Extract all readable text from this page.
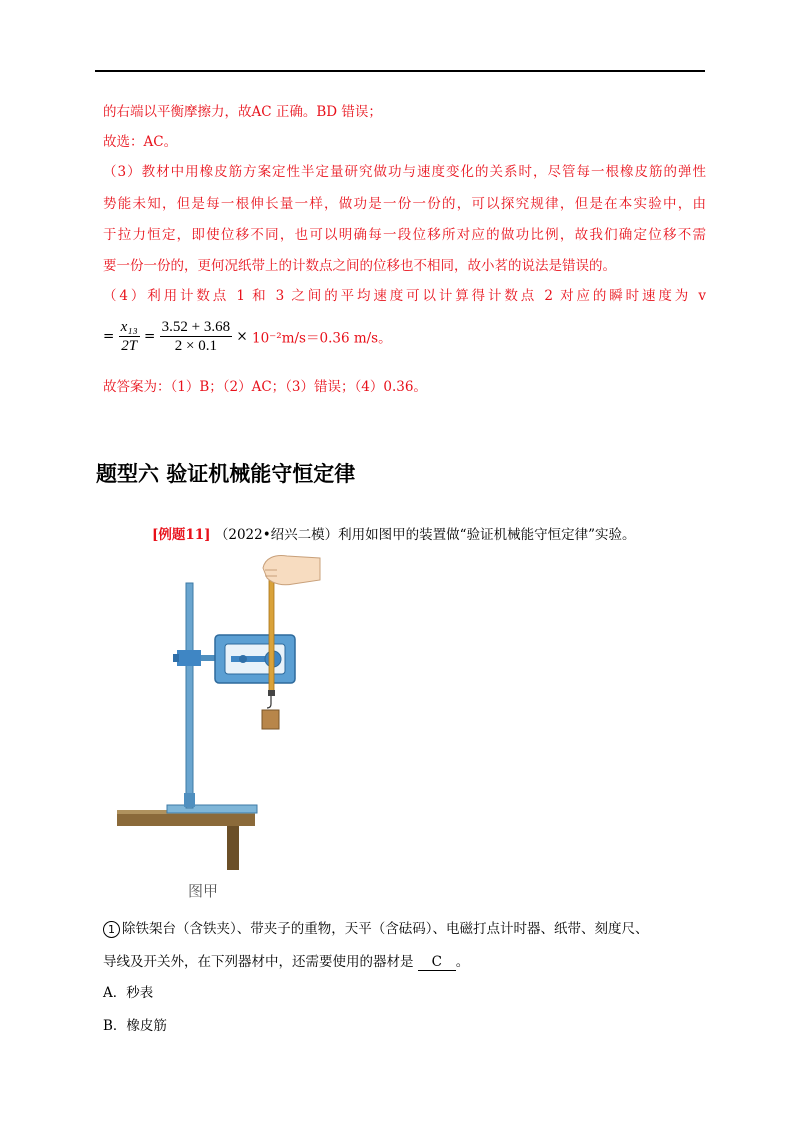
的右端以平衡摩擦力，故AC 正确。BD 错误；
故选：AC。
（3）教材中用橡皮筋方案定性半定量研究做功与速度变化的关系时，尽管每一根橡皮筋的弹性
势能未知，但是每一根伸长量一样，做功是一份一份的，可以探究规律，但是在本实验中，由
于拉力恒定，即使位移不同，也可以明确每一段位移所对应的做功比例，故我们确定位移不需
要一份一份的，更何况纸带上的计数点之间的位移也不相同，故小茗的说法是错误的。
（4）利用计数点 1 和 3 之间的平均速度可以计算得计数点 2 对应的瞬时速度为 v
= $\frac{\text{x₁₃}}{2T} = \frac{3.52 + 3.68}{2 \times 0.1} \times 10^{-2}m/s=0.36$ m/s。
故答案为：（1）B；（2）AC；（3）错误；（4）0.36。
题型六 验证机械能守恒定律
[例题11] （2022•绍兴二模）利用如图甲的装置做“验证机械能守恒定律”实验。
图甲
1 除铁架台（含铁夹）、带夹子的重物，天平（含砝码）、电磁打点计时器、纸带、刻度尺、
导线及开关外，在下列器材中，还需要使用的器材是 C 。
A．秒表
B．橡皮筋
